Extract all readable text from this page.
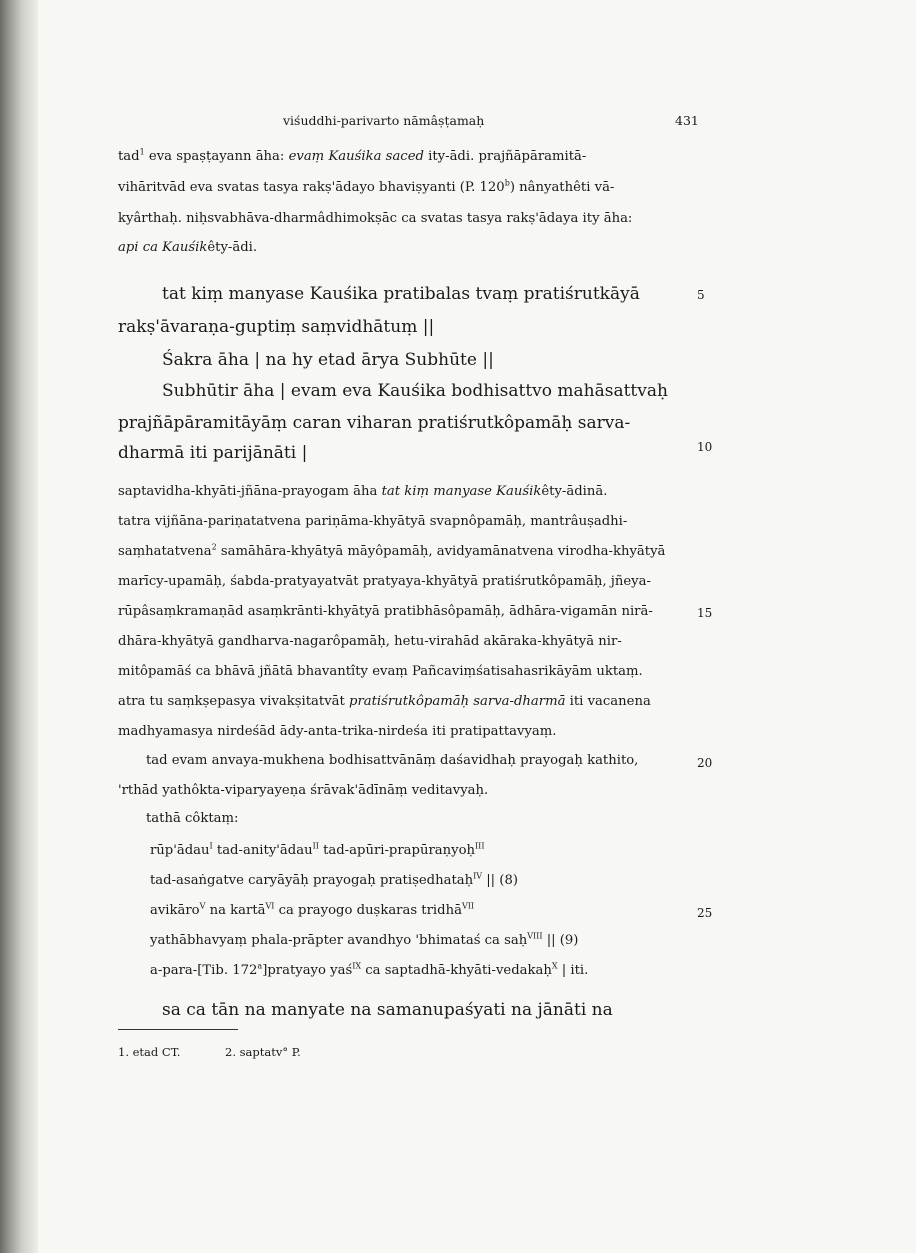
viśuddhi-parivarto nāmâṣṭamaḥ	431
tad$^1$ eva spaṣṭayann āha: evaṃ Kauśika saced ity-ādi. prajñāpāramitā-
vihāritvād eva svatas tasya rakṣ'ādayo bhaviṣyanti (P. 120$^b$) nânyathêti vā-
kyârthaḥ. niḥsvabhāva-dharmâdhimokṣāc ca svatas tasya rakṣ'ādaya ity āha:
api ca Kauśikêty-ādi.
tat kiṃ manyase Kauśika pratibalas tvaṃ pratiśrutkāyā	5
rakṣ'āvaraṇa-guptiṃ saṃvidhātuṃ ||
Śakra āha | na hy etad ārya Subhūte ||
Subhūtir āha | evam eva Kauśika bodhisattvo mahāsattvaḥ
prajñāpāramitāyāṃ caran viharan pratiśrutkôpamāḥ sarva-
dharmā iti parijānāti |	10
saptavidha-khyāti-jñāna-prayogam āha tat kiṃ manyase Kauśikêty-ādinā.
tatra vijñāna-pariṇatatvena pariṇāma-khyātyā svapnôpamāḥ, mantrâuṣadhi-
saṃhatatvena$^2$ samāhāra-khyātyā māyôpamāḥ, avidyamānatvena virodha-khyātyā
marīcy-upamāḥ, śabda-pratyayatvāt pratyaya-khyātyā pratiśrutkôpamāḥ, jñeya-
rūpâsaṃkramaṇād asaṃkrānti-khyātyā pratibhāsôpamāḥ, ādhāra-vigamān nirā-	15
dhāra-khyātyā gandharva-nagarôpamāḥ, hetu-virahād akāraka-khyātyā nir-
mitôpamāś ca bhāvā jñātā bhavantîty evaṃ Pañcaviṃśatisahasrikāyām uktaṃ.
atra tu saṃkṣepasya vivakṣitatvāt pratiśrutkôpamāḥ sarva-dharmā iti vacanena
madhyamasya nirdeśād ādy-anta-trika-nirdeśa iti pratipattavyaṃ.
tad evam anvaya-mukhena bodhisattvānāṃ daśavidhaḥ prayogaḥ kathito,	20
'rthād yathôkta-viparyayeṇa śrāvak'ādīnāṃ veditavyaḥ.
tathā côktaṃ:
rūp'ādau$^I$ tad-anity'ādau$^{II}$ tad-apūri-prapūraṇyoḥ$^{III}$
tad-asaṅgatve caryāyāḥ prayogaḥ pratiṣedhataḥ$^{IV}$ || (8)
avikāro$^V$ na kartā$^{VI}$ ca prayogo duṣkaras tridhā$^{VII}$	25
yathābhavyaṃ phala-prāpter avandhyo 'bhimataś ca saḥ$^{VIII}$ || (9)
a-para-[Tib. 172$^a$]pratyayo yaś$^{IX}$ ca saptadhā-khyāti-vedakaḥ$^X$ | iti.
sa ca tān na manyate na samanupaśyati na jānāti na
1. etad CT.	2. saptatv° P.
